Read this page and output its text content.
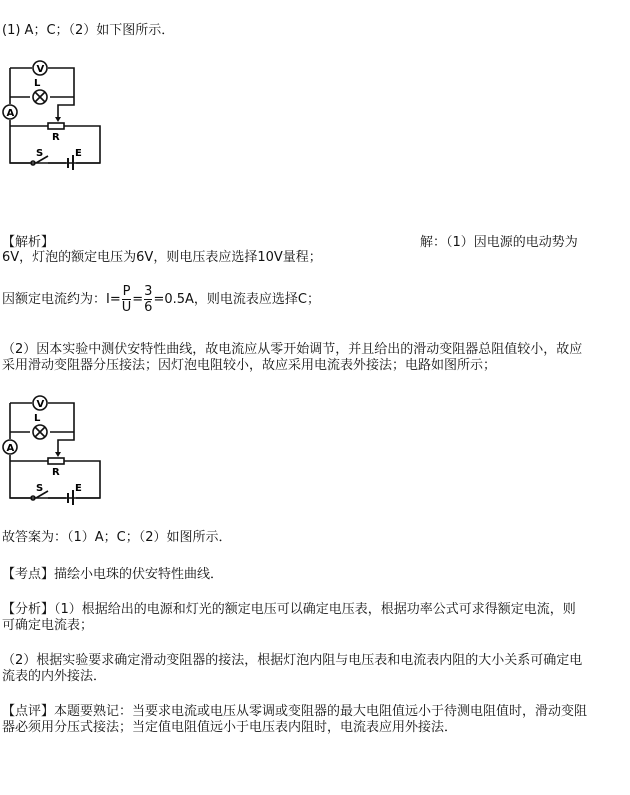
(1) A；C；（2）如下图所示．
V
L
A
R
S	E
【解析】	解：（1）因电源的电动势为
6V，灯泡的额定电压为6V，则电压表应选择10V量程；
因额定电流约为：$I= \frac{P}{U} = \frac{3}{6} =0.5A$，则电流表应选择C；
（2）因本实验中测伏安特性曲线，故电流应从零开始调节，并且给出的滑动变阻器总阻值较小，故应
采用滑动变阻器分压接法；因灯泡电阻较小，故应采用电流表外接法；电路如图所示；
V
L
A
R
S	E
故答案为：（1）A；C；（2）如图所示．
【考点】描绘小电珠的伏安特性曲线．
【分析】（1）根据给出的电源和灯光的额定电压可以确定电压表，根据功率公式可求得额定电流，则
可确定电流表；
（2）根据实验要求确定滑动变阻器的接法，根据灯泡内阻与电压表和电流表内阻的大小关系可确定电
流表的内外接法．
【点评】本题要熟记：当要求电流或电压从零调或变阻器的最大电阻值远小于待测电阻值时，滑动变阻
器必须用分压式接法；当定值电阻值远小于电压表内阻时，电流表应用外接法．
